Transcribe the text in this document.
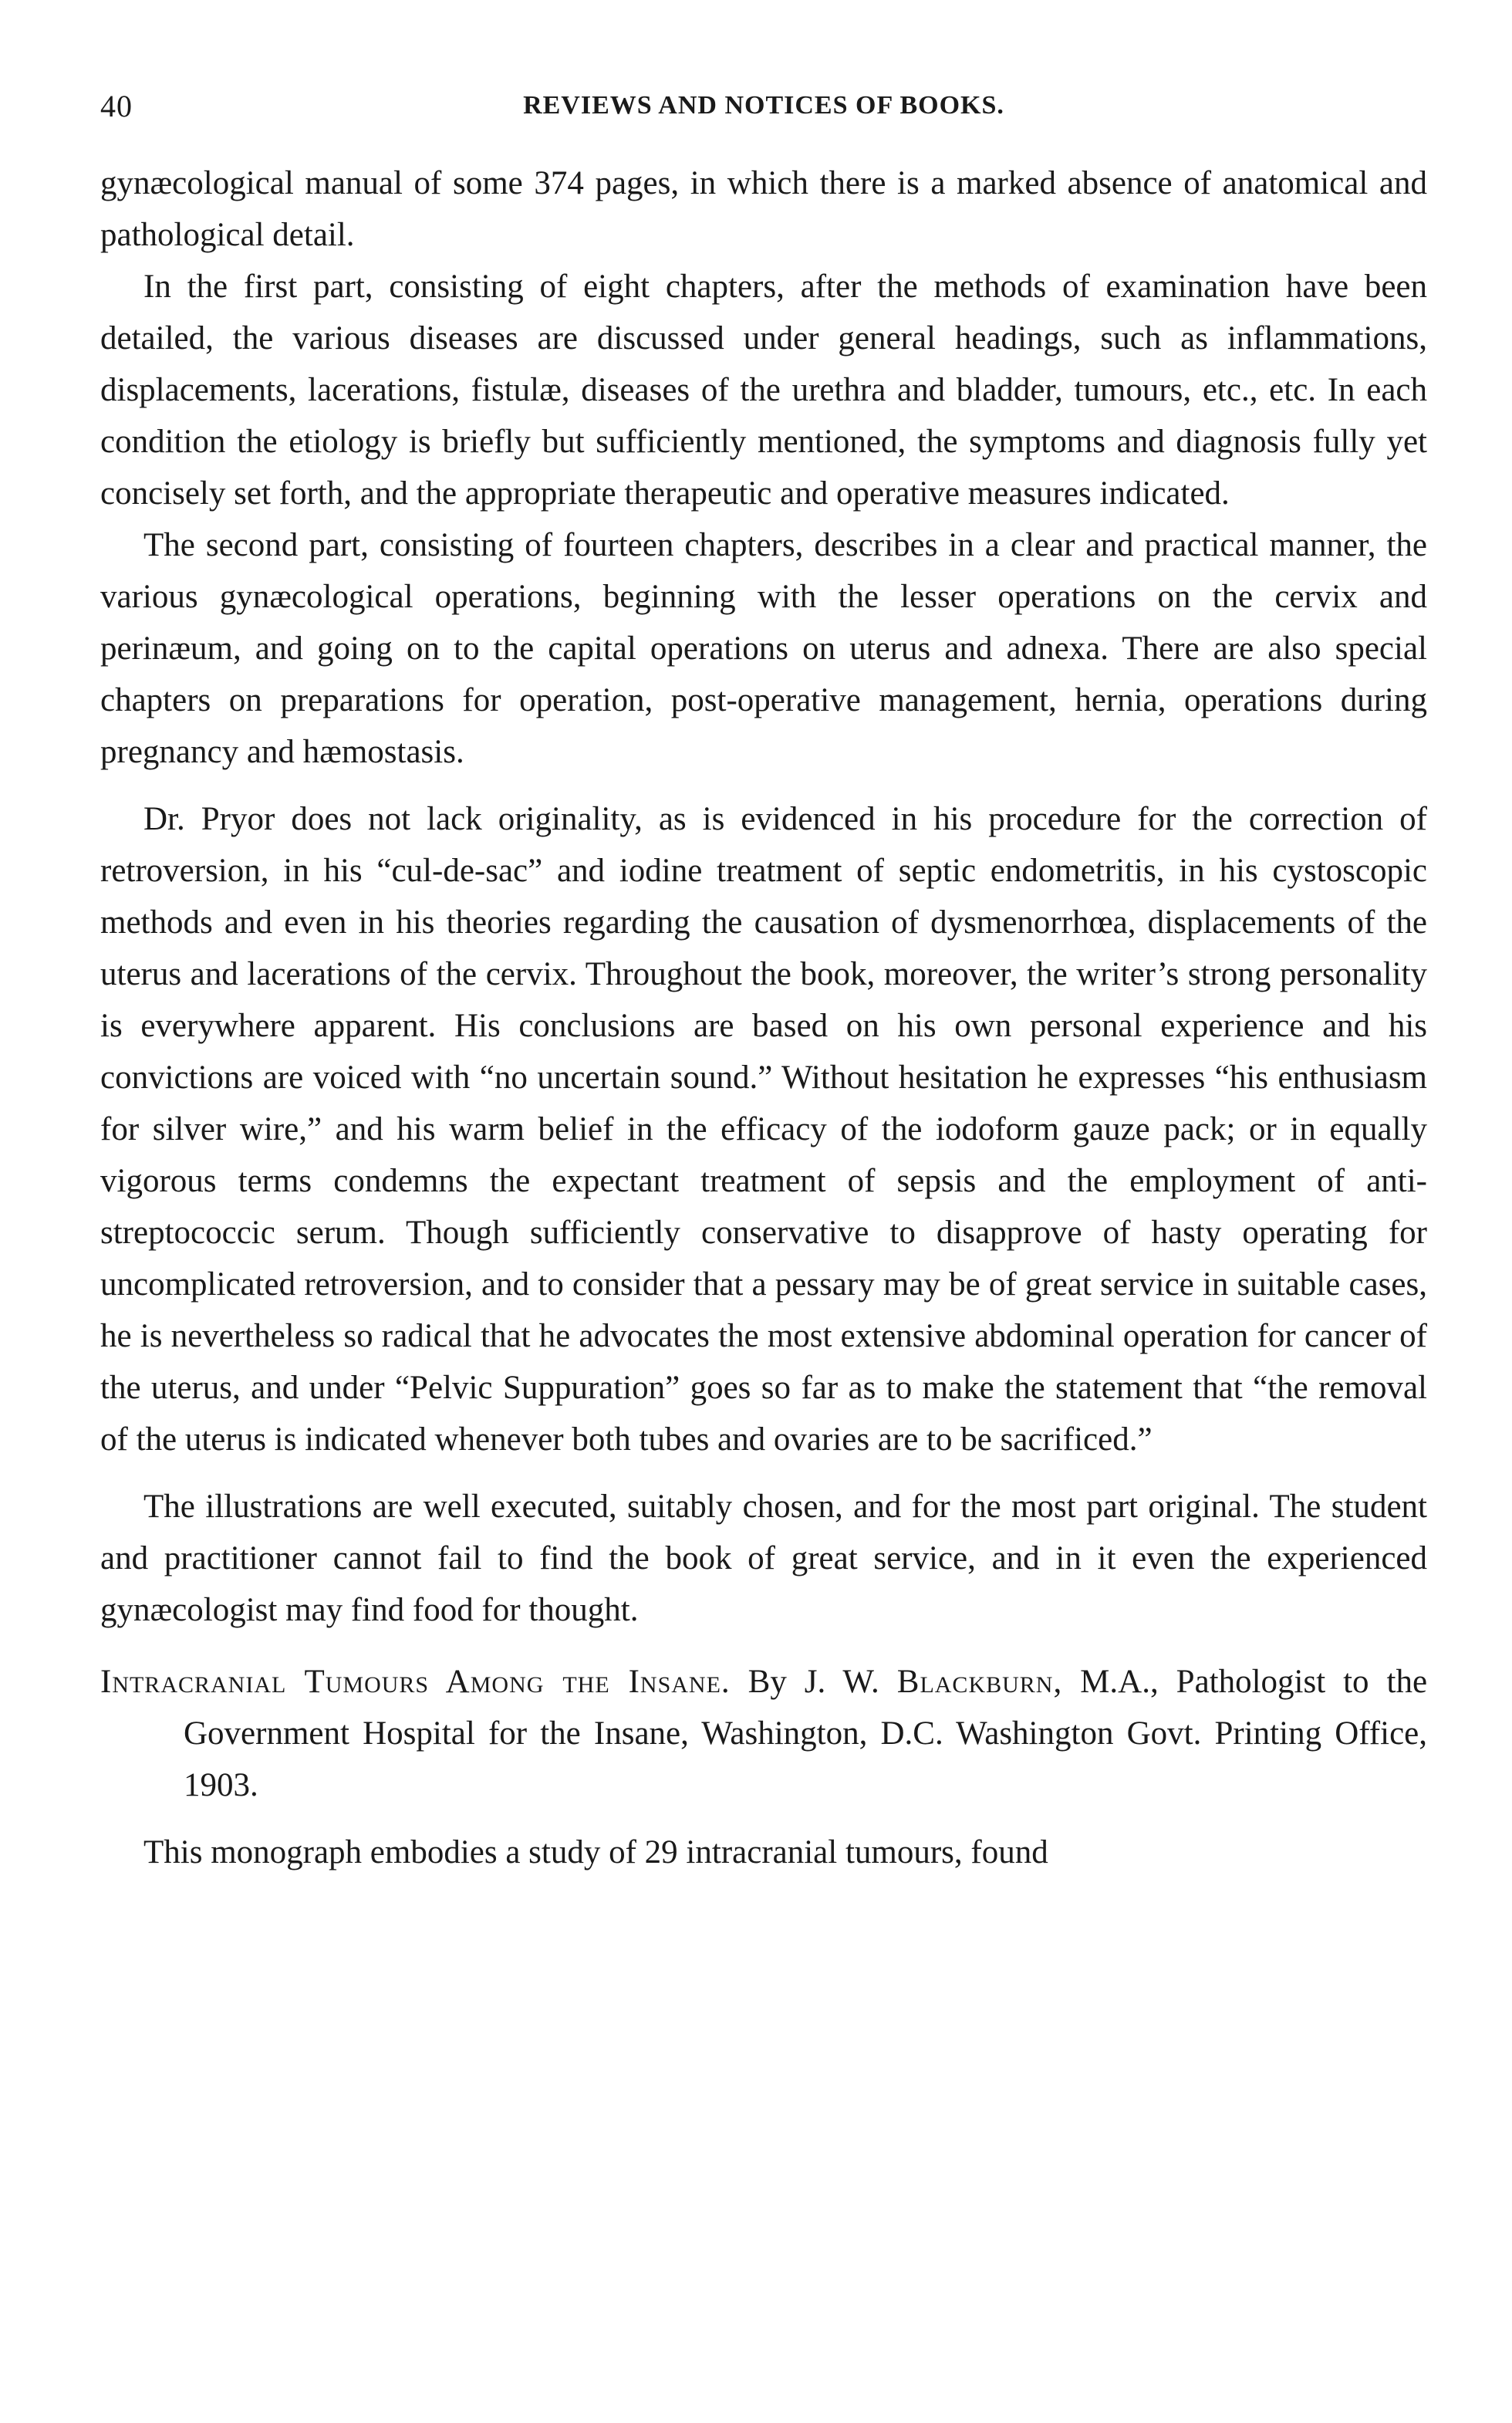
40	REVIEWS AND NOTICES OF BOOKS.

gynæcological manual of some 374 pages, in which there is a marked absence of anatomical and pathological detail.

In the first part, consisting of eight chapters, after the methods of examination have been detailed, the various diseases are discussed under general headings, such as inflammations, displacements, lacerations, fistulæ, diseases of the urethra and bladder, tumours, etc., etc. In each condition the etiology is briefly but sufficiently mentioned, the symptoms and diagnosis fully yet concisely set forth, and the appropriate therapeutic and operative measures indicated.

The second part, consisting of fourteen chapters, describes in a clear and practical manner, the various gynæcological operations, beginning with the lesser operations on the cervix and perinæum, and going on to the capital operations on uterus and adnexa. There are also special chapters on preparations for operation, post-operative management, hernia, operations during pregnancy and hæmostasis.

Dr. Pryor does not lack originality, as is evidenced in his procedure for the correction of retroversion, in his “cul-de-sac” and iodine treatment of septic endometritis, in his cystoscopic methods and even in his theories regarding the causation of dysmenorrhœa, displacements of the uterus and lacerations of the cervix. Throughout the book, moreover, the writer’s strong personality is everywhere apparent. His conclusions are based on his own personal experience and his convictions are voiced with “no uncertain sound.” Without hesitation he expresses “his enthusiasm for silver wire,” and his warm belief in the efficacy of the iodoform gauze pack; or in equally vigorous terms condemns the expectant treatment of sepsis and the employment of anti-streptococcic serum. Though sufficiently conservative to disapprove of hasty operating for uncomplicated retroversion, and to consider that a pessary may be of great service in suitable cases, he is nevertheless so radical that he advocates the most extensive abdominal operation for cancer of the uterus, and under “Pelvic Suppuration” goes so far as to make the statement that “the removal of the uterus is indicated whenever both tubes and ovaries are to be sacrificed.”

The illustrations are well executed, suitably chosen, and for the most part original. The student and practitioner cannot fail to find the book of great service, and in it even the experienced gynæcologist may find food for thought.

Intracranial Tumours Among the Insane. By J. W. Blackburn, M.A., Pathologist to the Government Hospital for the Insane, Washington, D.C. Washington Govt. Printing Office, 1903.

This monograph embodies a study of 29 intracranial tumours, found
